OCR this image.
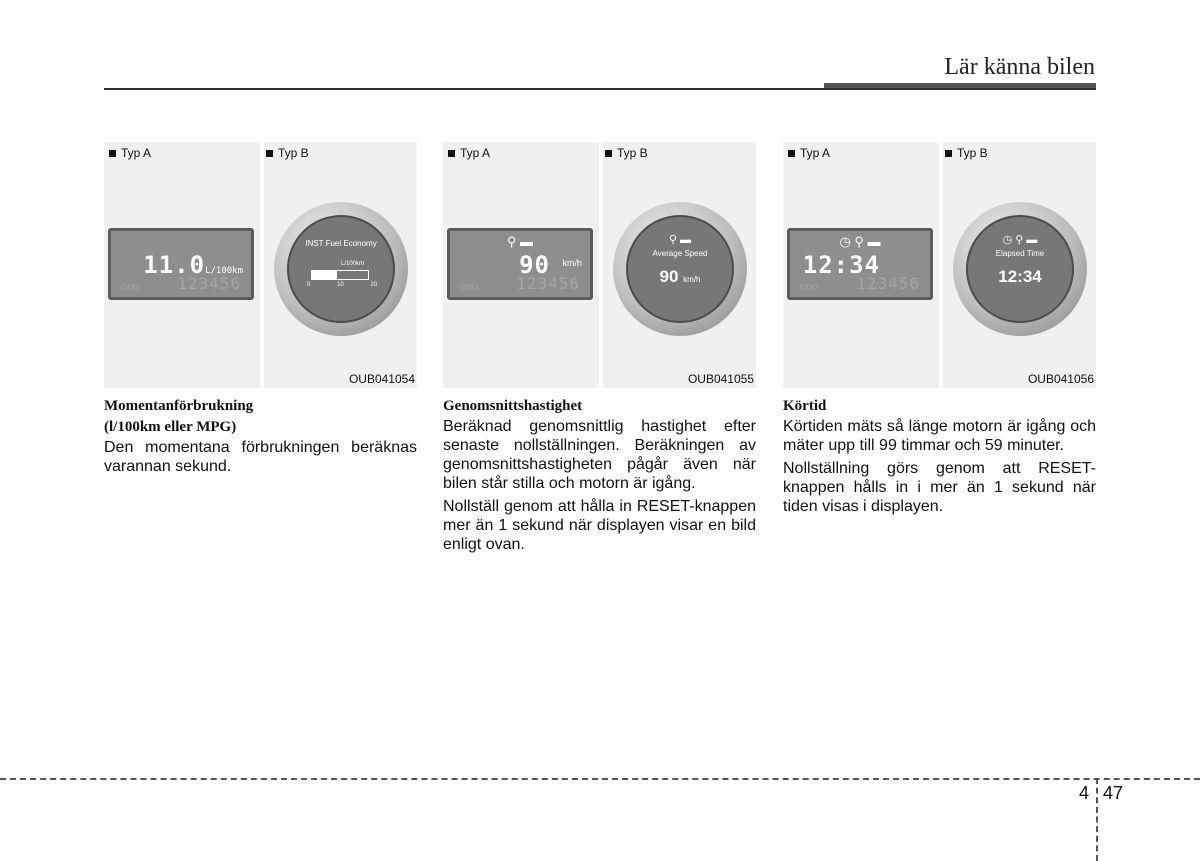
Lär känna bilen
Typ A	Typ B
11.0L/100km
ODO 123456
INST Fuel Economy
L/100km
0	10	20
OUB041054
Momentanförbrukning
(l/100km eller MPG)

Den momentana förbrukningen beräknas varannan sekund.

Typ A	Typ B
⚲ ▬
90 km/h
ODO 123456
⚲ ▬
Average Speed
90 km/h
OUB041055
Genomsnittshastighet

Beräknad genomsnittlig hastighet efter senaste nollställningen. Beräkningen av genomsnittshastigheten pågår även när bilen står stilla och motorn är igång.

Nollställ genom att hålla in RESET-knappen mer än 1 sekund när displayen visar en bild enligt ovan.

Typ A	Typ B
◷ ⚲ ▬
12:34
ODO 123456
◷ ⚲ ▬
Elapsed Time
12:34
OUB041056
Körtid

Körtiden mäts så länge motorn är igång och mäter upp till 99 timmar och 59 minuter.

Nollställning görs genom att RESET-knappen hålls in i mer än 1 sekund när tiden visas i displayen.

4 47
